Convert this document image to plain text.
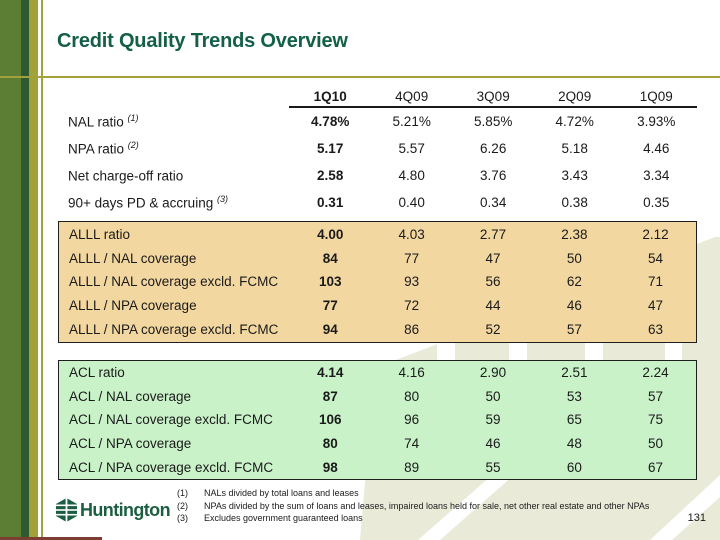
Credit Quality Trends Overview
	1Q10	4Q09	3Q09	2Q09	1Q09
NAL ratio $^{(1)}$	4.78%	5.21%	5.85%	4.72%	3.93%
NPA ratio $^{(2)}$	5.17	5.57	6.26	5.18	4.46
Net charge-off ratio	2.58	4.80	3.76	3.43	3.34
90+ days PD & accruing $^{(3)}$	0.31	0.40	0.34	0.38	0.35
ALLL ratio	4.00	4.03	2.77	2.38	2.12
ALLL / NAL coverage	84	77	47	50	54
ALLL / NAL coverage excld. FCMC	103	93	56	62	71
ALLL / NPA coverage	77	72	44	46	47
ALLL / NPA coverage excld. FCMC	94	86	52	57	63
ACL ratio	4.14	4.16	2.90	2.51	2.24
ACL / NAL coverage	87	80	50	53	57
ACL / NAL coverage excld. FCMC	106	96	59	65	75
ACL / NPA coverage	80	74	46	48	50
ACL / NPA coverage excld. FCMC	98	89	55	60	67
Huntington
(1)	NALs divided by total loans and leases
(2)	NPAs divided by the sum of loans and leases, impaired loans held for sale, net other real estate and other NPAs
(3)	Excludes government guaranteed loans	131
